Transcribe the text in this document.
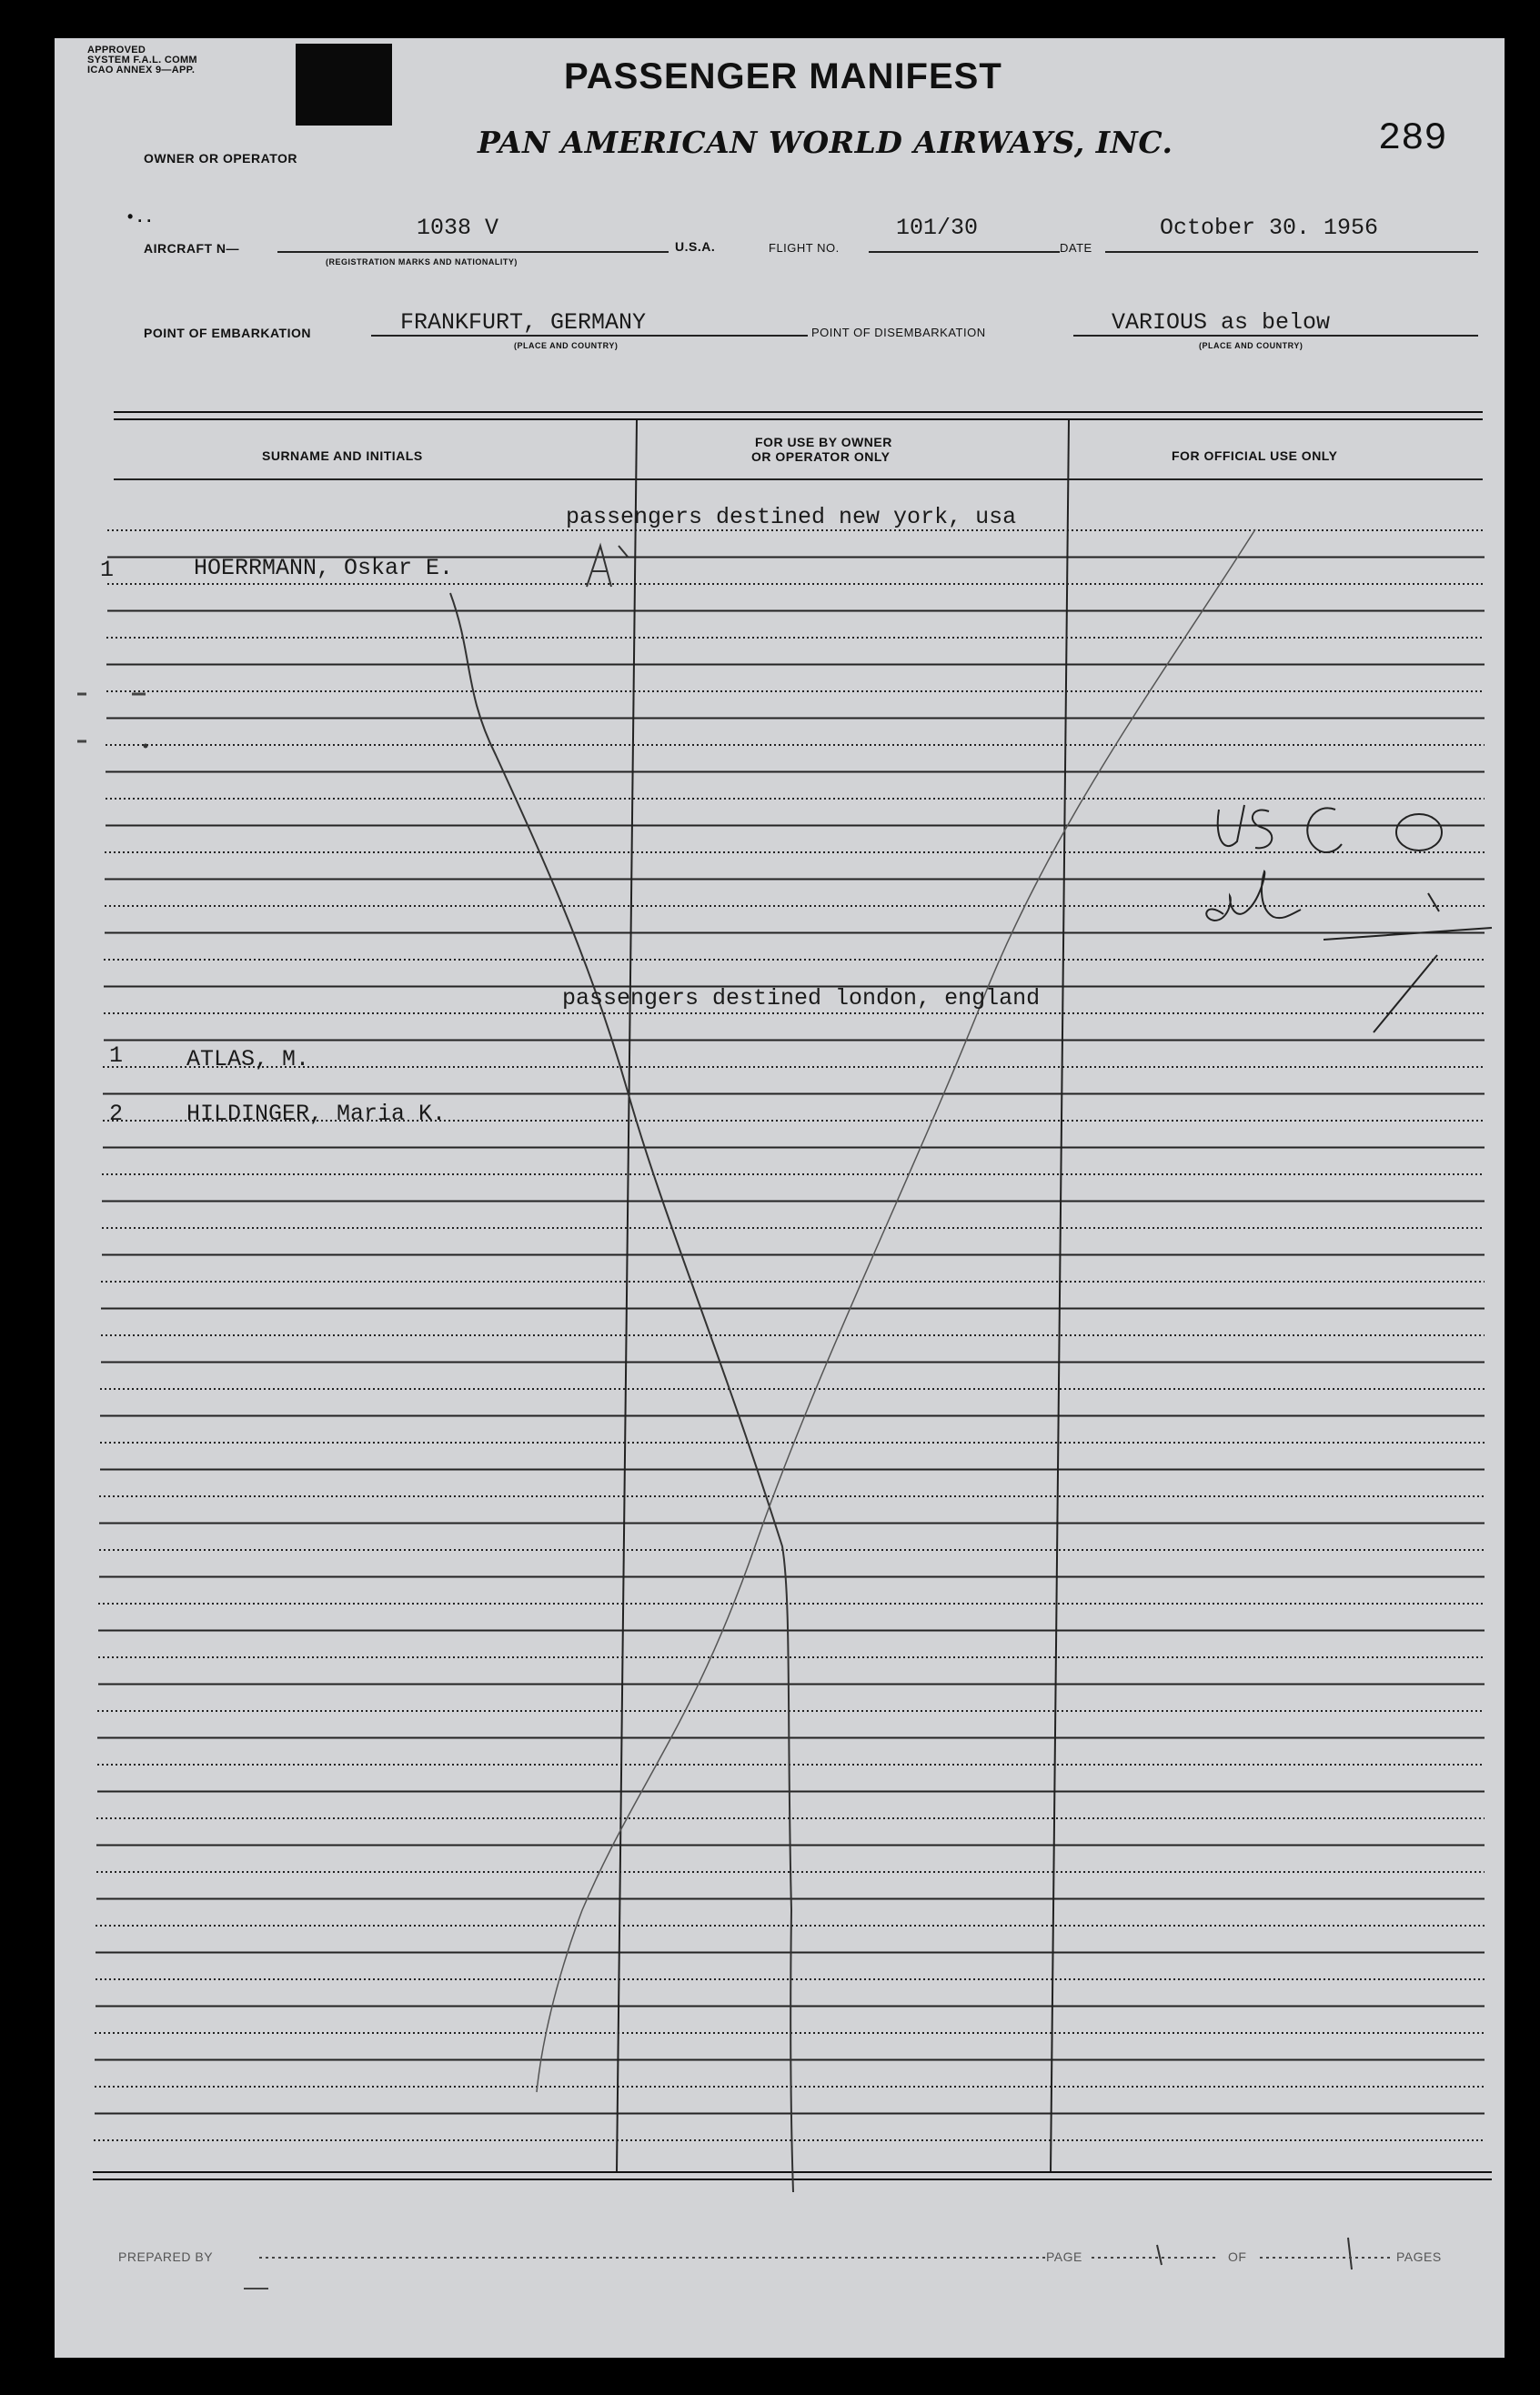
APPROVED
SYSTEM F.A.L. COMM
ICAO ANNEX 9—APP.	PASSENGER MANIFEST
OWNER OR OPERATOR	PAN AMERICAN WORLD AIRWAYS, INC.	289
• . .
AIRCRAFT N—
1038 V
(REGISTRATION MARKS AND NATIONALITY)
U.S.A.	FLIGHT NO.
101/30
DATE
October 30. 1956
POINT OF EMBARKATION	FRANKFURT, GERMANY
(PLACE AND COUNTRY)
POINT OF DISEMBARKATION	VARIOUS as below
(PLACE AND COUNTRY)
SURNAME AND INITIALS
FOR USE BY OWNER
OR OPERATOR ONLY	FOR OFFICIAL USE ONLY
passengers destined new york, usa
1	HOERRMANN, Oskar E.
passengers destined london, england
1	ATLAS, M.
2	HILDINGER, Maria K.
PREPARED BY	PAGE	OF	PAGES
